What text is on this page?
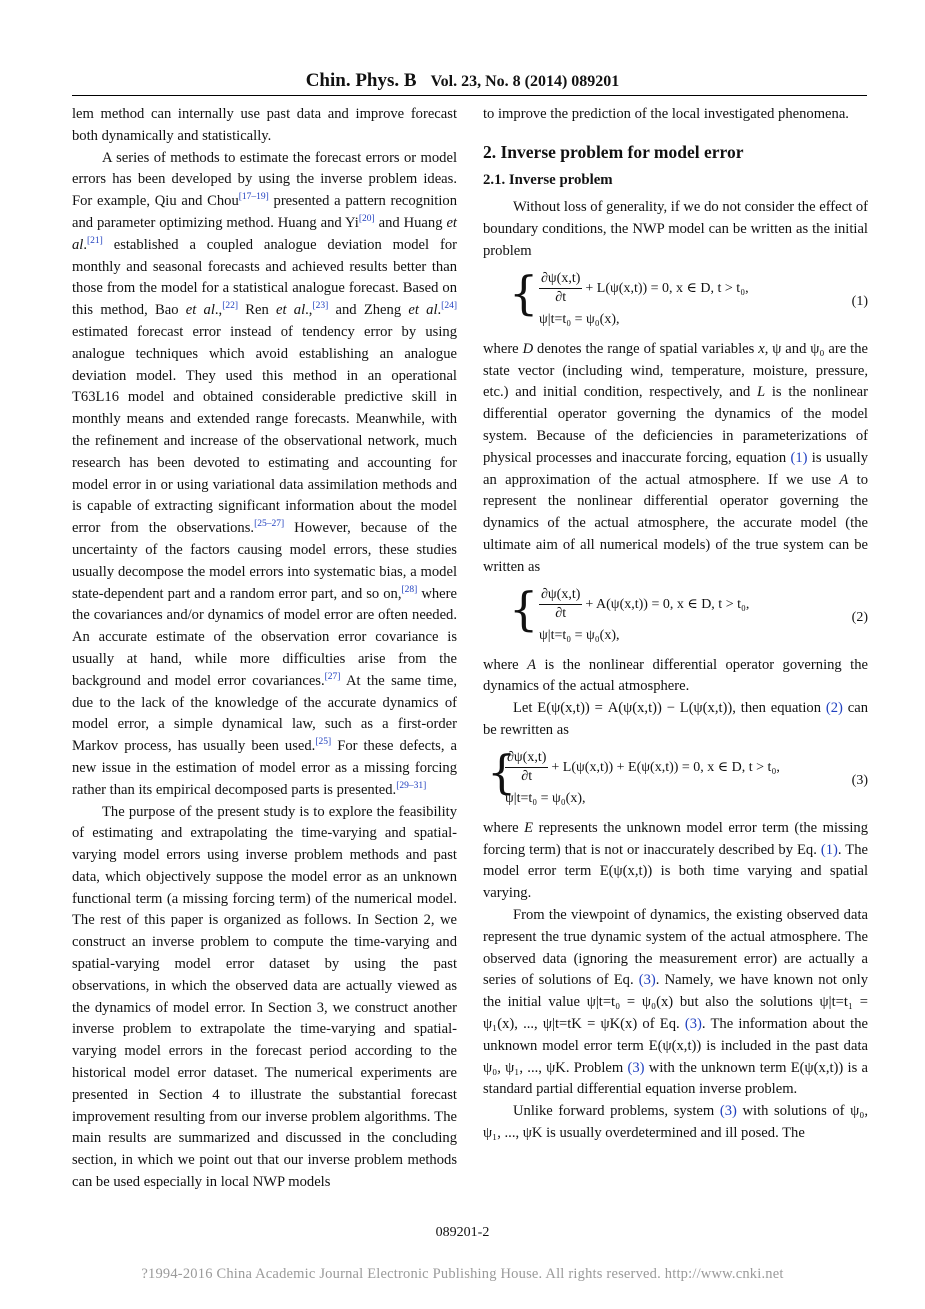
Chin. Phys. B Vol. 23, No. 8 (2014) 089201

lem method can internally use past data and improve forecast both dynamically and statistically.

A series of methods to estimate the forecast errors or model errors has been developed by using the inverse problem ideas. For example, Qiu and Chou[17–19] presented a pattern recognition and parameter optimizing method. Huang and Yi[20] and Huang et al.[21] established a coupled analogue deviation model for monthly and seasonal forecasts and achieved results better than those from the model for a statistical analogue forecast. Based on this method, Bao et al.,[22] Ren et al.,[23] and Zheng et al.[24] estimated forecast error instead of tendency error by using analogue techniques which avoid establishing an analogue deviation model. They used this method in an operational T63L16 model and obtained considerable predictive skill in monthly means and extended range forecasts. Meanwhile, with the refinement and increase of the observational network, much research has been devoted to estimating and accounting for model error in or using variational data assimilation methods and is capable of extracting significant information about the model error from the observations.[25–27] However, because of the uncertainty of the factors causing model errors, these studies usually decompose the model errors into systematic bias, a model state-dependent part and a random error part, and so on,[28] where the covariances and/or dynamics of model error are often needed. An accurate estimate of the observation error covariance is usually at hand, while more difficulties arise from the background and model error covariances.[27] At the same time, due to the lack of the knowledge of the accurate dynamics of model error, a simple dynamical law, such as a first-order Markov process, has usually been used.[25] For these defects, a new issue in the estimation of model error as a missing forcing rather than its empirical decomposed parts is presented.[29–31]

The purpose of the present study is to explore the feasibility of estimating and extrapolating the time-varying and spatial-varying model errors using inverse problem methods and past data, which objectively suppose the model error as an unknown functional term (a missing forcing term) of the numerical model. The rest of this paper is organized as follows. In Section 2, we construct an inverse problem to compute the time-varying and spatial-varying model error dataset by using the past observations, in which the observed data are actually viewed as the dynamics of model error. In Section 3, we construct another inverse problem to extrapolate the time-varying and spatial-varying model errors in the forecast period according to the historical model error dataset. The numerical experiments are presented in Section 4 to illustrate the substantial forecast improvement resulting from our inverse problem algorithms. The main results are summarized and discussed in the concluding section, in which we point out that our inverse problem methods can be used especially in local NWP models

to improve the prediction of the local investigated phenomena.

2. Inverse problem for model error
2.1. Inverse problem

Without loss of generality, if we do not consider the effect of boundary conditions, the NWP model can be written as the initial problem

{ $\frac{\partial\psi(x,t)}{\partial t} + L(\psi(x,t)) = 0$, x ∈ D, t > t₀,
ψ|t=t₀ = ψ₀(x),
(1)

where D denotes the range of spatial variables x, ψ and ψ₀ are the state vector (including wind, temperature, moisture, pressure, etc.) and initial condition, respectively, and L is the nonlinear differential operator governing the dynamics of the model system. Because of the deficiencies in parameterizations of physical processes and inaccurate forcing, equation (1) is usually an approximation of the actual atmosphere. If we use A to represent the nonlinear differential operator governing the dynamics of the actual atmosphere, the accurate model (the ultimate aim of all numerical models) of the true system can be written as

{ $\frac{\partial\psi(x,t)}{\partial t} + A(\psi(x,t)) = 0$, x ∈ D, t > t₀,
ψ|t=t₀ = ψ₀(x),
(2)

where A is the nonlinear differential operator governing the dynamics of the actual atmosphere.

Let E(ψ(x,t)) = A(ψ(x,t)) − L(ψ(x,t)), then equation (2) can be rewritten as

{
$\frac{\partial\psi(x,t)}{\partial t} + L(\psi(x,t)) + E(\psi(x,t)) = 0$, x ∈ D, t > t₀,
ψ|t=t₀ = ψ₀(x),
(3)

where E represents the unknown model error term (the missing forcing term) that is not or inaccurately described by Eq. (1). The model error term E(ψ(x,t)) is both time varying and spatial varying.

From the viewpoint of dynamics, the existing observed data represent the true dynamic system of the actual atmosphere. The observed data (ignoring the measurement error) are actually a series of solutions of Eq. (3). Namely, we have known not only the initial value ψ|t=t₀ = ψ₀(x) but also the solutions ψ|t=t₁ = ψ₁(x), ..., ψ|t=tK = ψK(x) of Eq. (3). The information about the unknown model error term E(ψ(x,t)) is included in the past data ψ₀, ψ₁, ..., ψK. Problem (3) with the unknown term E(ψ(x,t)) is a standard partial differential equation inverse problem.

Unlike forward problems, system (3) with solutions of ψ₀, ψ₁, ..., ψK is usually overdetermined and ill posed. The

089201-2
?1994-2016 China Academic Journal Electronic Publishing House. All rights reserved. http://www.cnki.net
